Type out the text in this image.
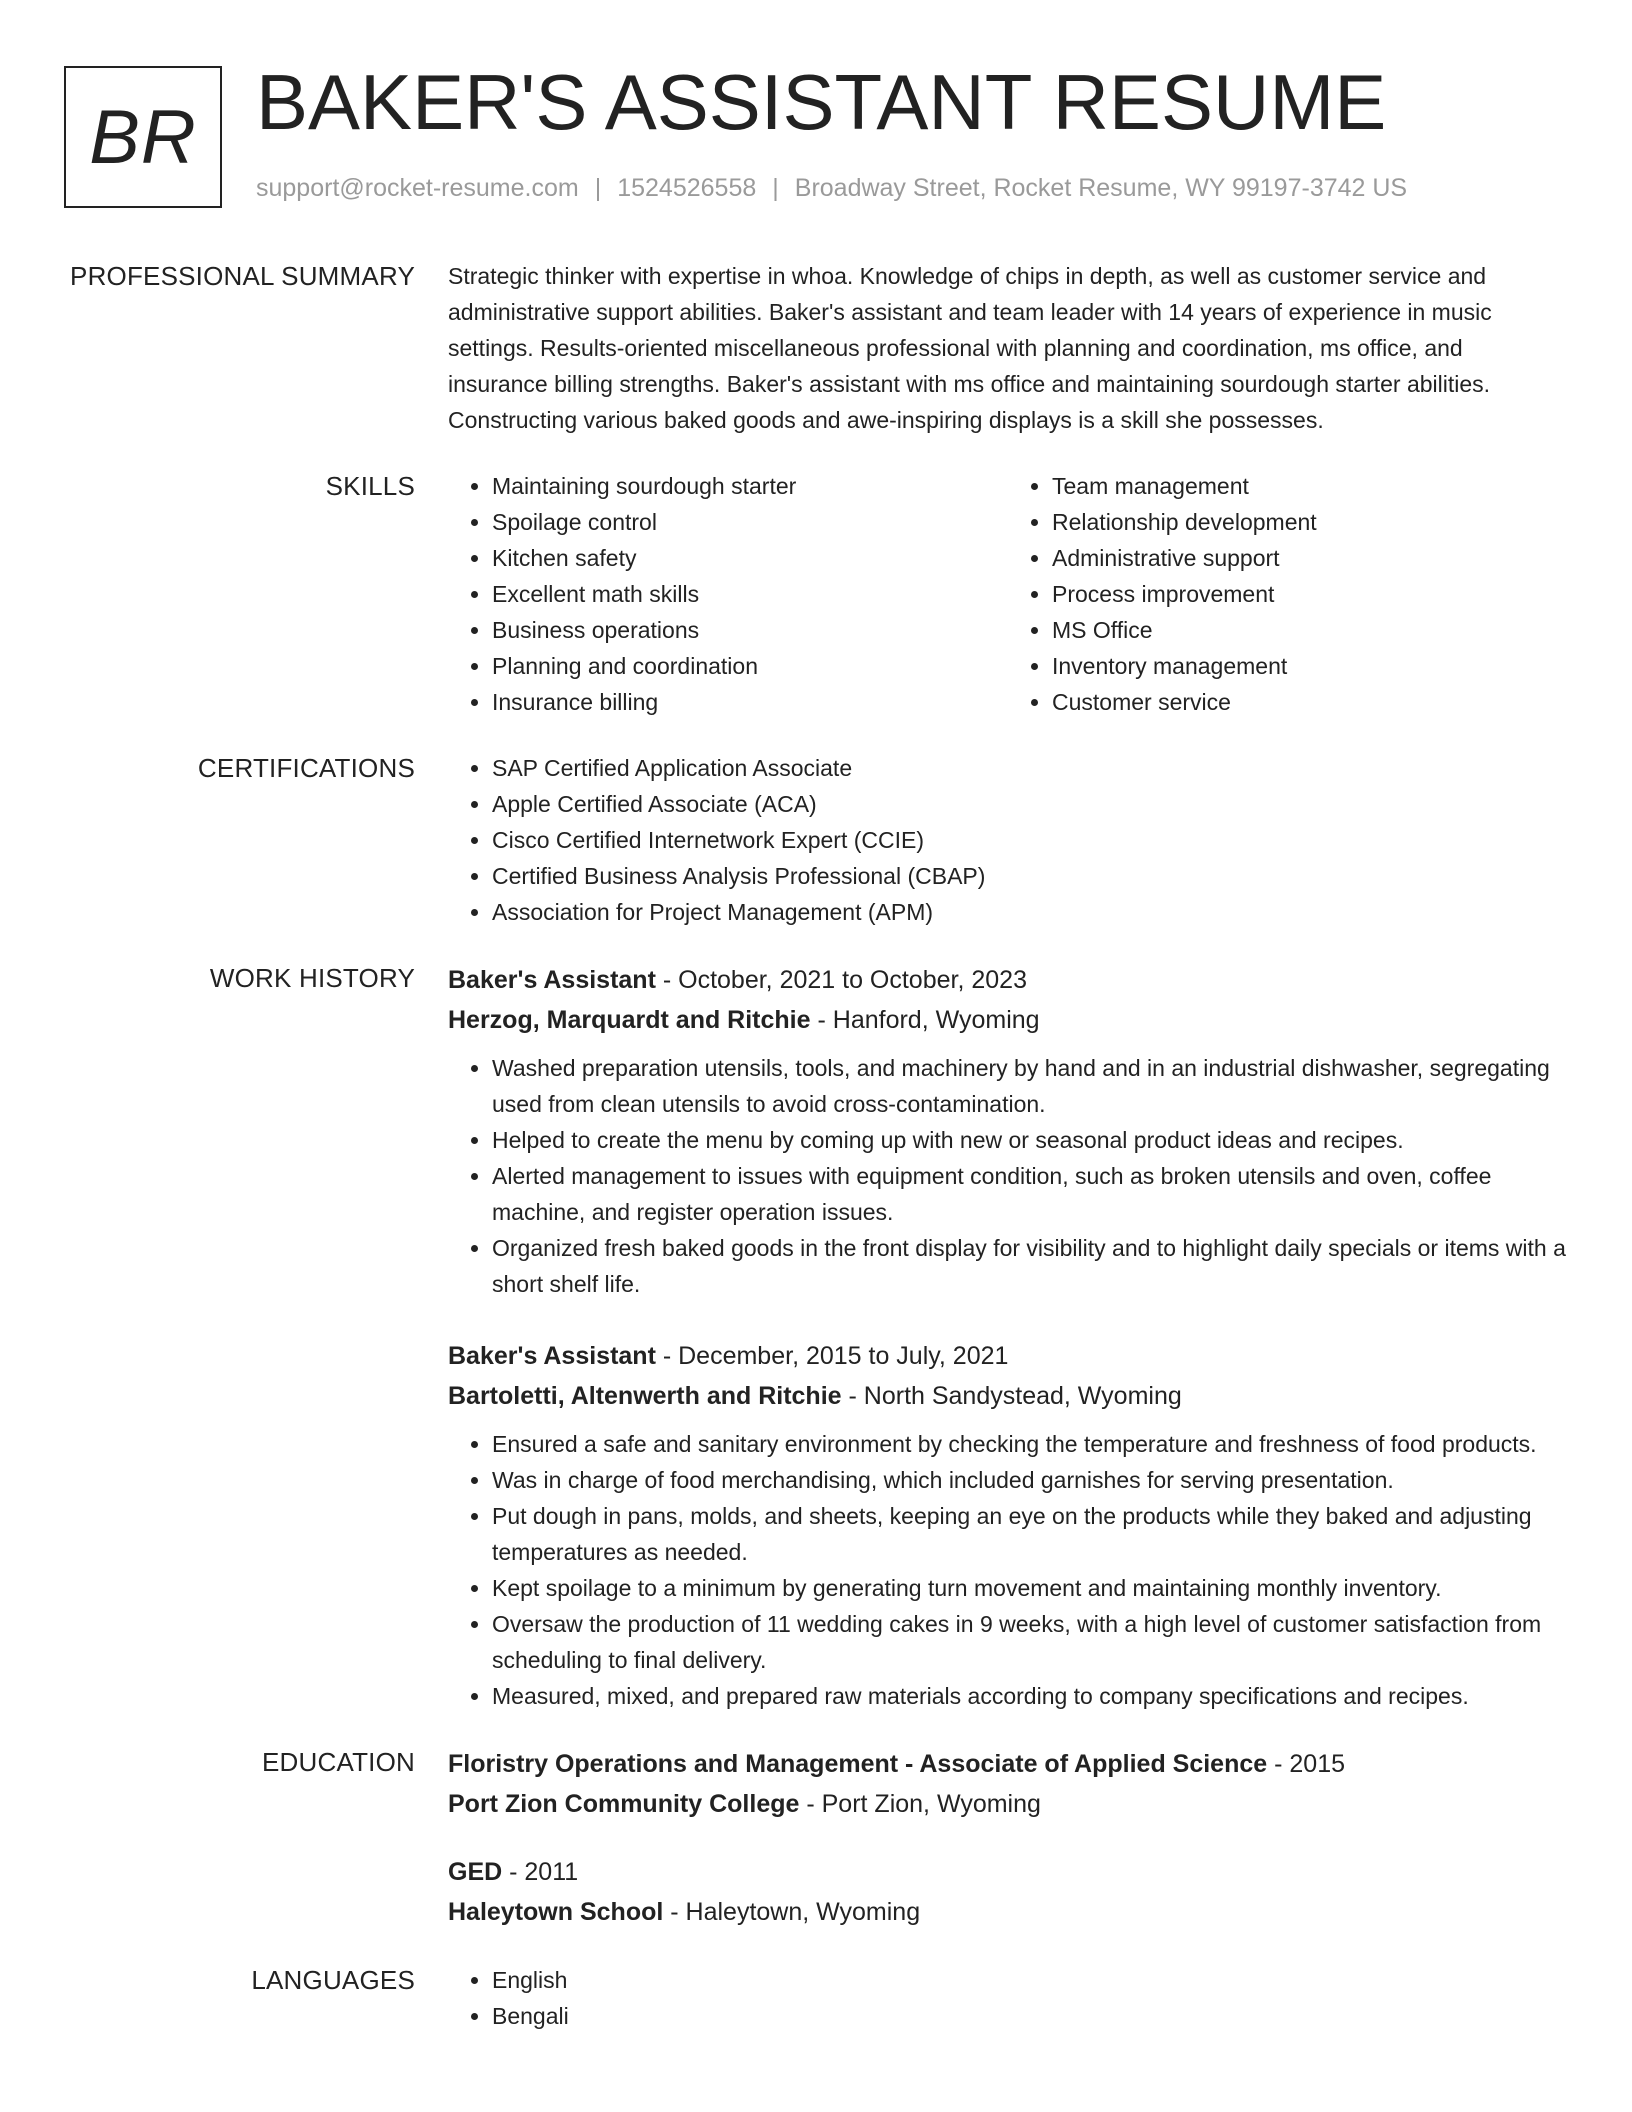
BR BAKER'S ASSISTANT RESUME
support@rocket-resume.com | 1524526558 | Broadway Street, Rocket Resume, WY 99197-3742 US
PROFESSIONAL SUMMARY Strategic thinker with expertise in whoa. Knowledge of chips in depth, as well as customer service and administrative support abilities. Baker's assistant and team leader with 14 years of experience in music settings. Results-oriented miscellaneous professional with planning and coordination, ms office, and insurance billing strengths. Baker's assistant with ms office and maintaining sourdough starter abilities. Constructing various baked goods and awe-inspiring displays is a skill she possesses.

SKILLS	• Maintaining sourdough starter
• Spoilage control
• Kitchen safety
• Excellent math skills
• Business operations
• Planning and coordination
• Insurance billing
• Team management
• Relationship development
• Administrative support
• Process improvement
• MS Office
• Inventory management
• Customer service
CERTIFICATIONS	• SAP Certified Application Associate
• Apple Certified Associate (ACA)
• Cisco Certified Internetwork Expert (CCIE)
• Certified Business Analysis Professional (CBAP)
• Association for Project Management (APM)
WORK HISTORY Baker's Assistant - October, 2021 to October, 2023
Herzog, Marquardt and Ritchie - Hanford, Wyoming
• Washed preparation utensils, tools, and machinery by hand and in an industrial dishwasher, segregating used from clean utensils to avoid cross-contamination.
• Helped to create the menu by coming up with new or seasonal product ideas and recipes.
• Alerted management to issues with equipment condition, such as broken utensils and oven, coffee machine, and register operation issues.
• Organized fresh baked goods in the front display for visibility and to highlight daily specials or items with a short shelf life.
Baker's Assistant - December, 2015 to July, 2021
Bartoletti, Altenwerth and Ritchie - North Sandystead, Wyoming
• Ensured a safe and sanitary environment by checking the temperature and freshness of food products.
• Was in charge of food merchandising, which included garnishes for serving presentation.
• Put dough in pans, molds, and sheets, keeping an eye on the products while they baked and adjusting temperatures as needed.
• Kept spoilage to a minimum by generating turn movement and maintaining monthly inventory.
• Oversaw the production of 11 wedding cakes in 9 weeks, with a high level of customer satisfaction from scheduling to final delivery.
• Measured, mixed, and prepared raw materials according to company specifications and recipes.
EDUCATION Floristry Operations and Management - Associate of Applied Science - 2015
Port Zion Community College - Port Zion, Wyoming
GED - 2011
Haleytown School - Haleytown, Wyoming
LANGUAGES	• English
• Bengali
